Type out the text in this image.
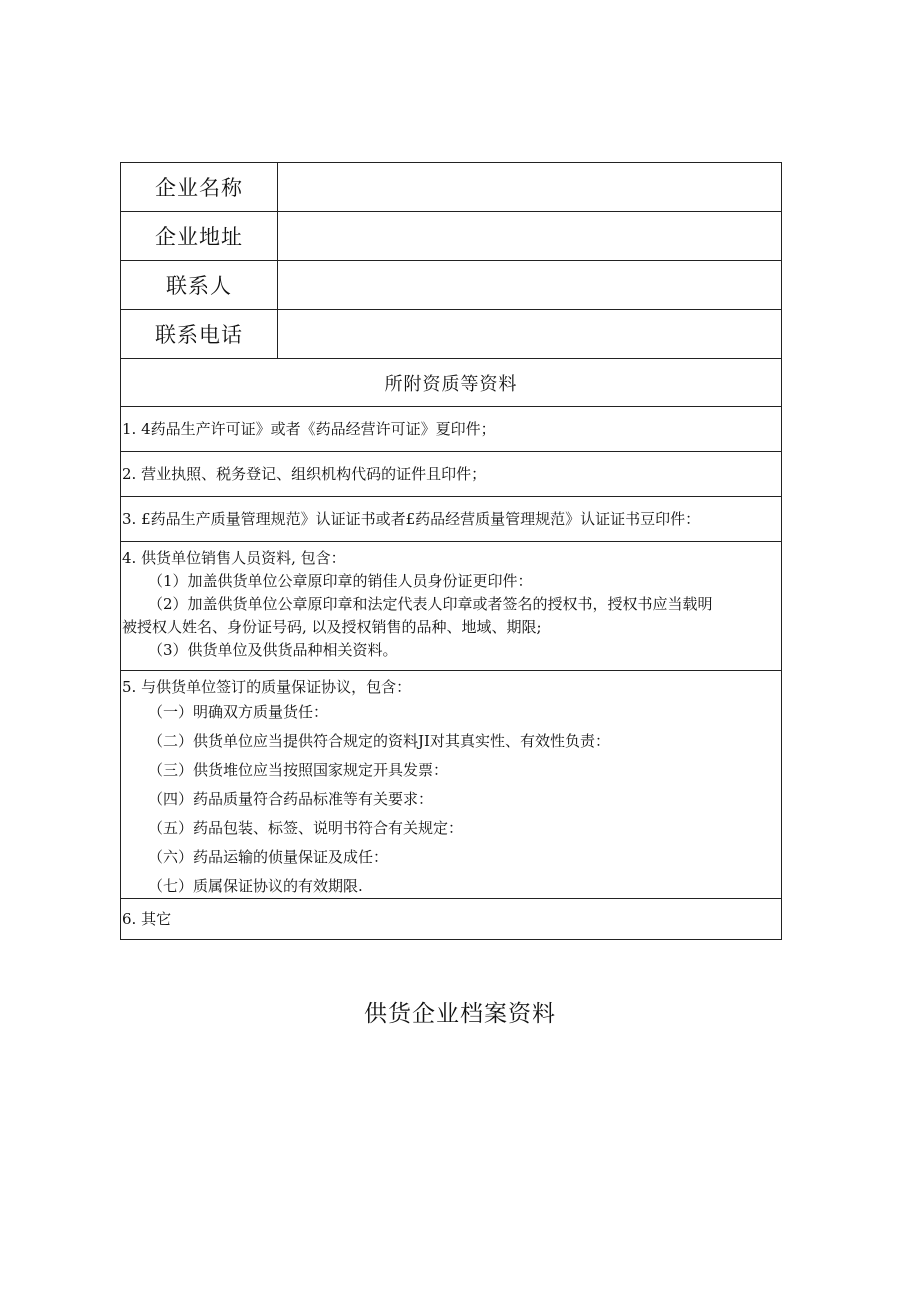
企业名称
企业地址
联系人
联系电话
所附资质等资料
1. 4药品生产许可证》或者《药品经营许可证》夏印件；
2. 营业执照、税务登记、组织机构代码的证件且印件；
3. £药品生产质量管理规范》认证证书或者£药品经营质量管理规范》认证证书豆印件：
4. 供货单位销售人员资料, 包含：
（1）加盖供货单位公章原印章的销佳人员身份证更印件：
（2）加盖供货单位公章原印章和法定代表人印章或者签名的授权书，授权书应当载明
被授权人姓名、身份证号码, 以及授权销售的品种、地域、期限;
（3）供货单位及供货品种相关资料。
5. 与供货单位签订的质量保证协议，包含：
（一）明确双方质量货任：
（二）供货单位应当提供符合规定的资料JI对其真实性、有效性负责：
（三）供货堆位应当按照国家规定开具发票：
（四）药品质量符合药品标准等有关要求：
（五）药品包装、标签、说明书符合有关规定：
（六）药品运输的侦量保证及成任：
（七）质属保证协议的有效期限.
6. 其它
供货企业档案资料
